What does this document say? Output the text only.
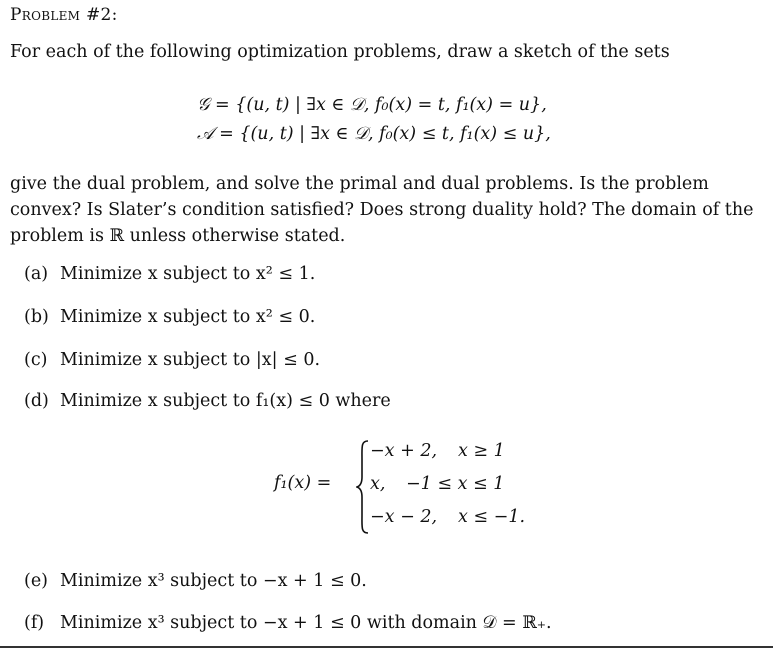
Problem #2:
For each of the following optimization problems, draw a sketch of the sets
𝒢 = {(u, t) | ∃x ∈ 𝒟, f₀(x) = t, f₁(x) = u},
𝒜 = {(u, t) | ∃x ∈ 𝒟, f₀(x) ≤ t, f₁(x) ≤ u},
give the dual problem, and solve the primal and dual problems. Is the problem convex? Is Slater’s condition satisfied? Does strong duality hold? The domain of the problem is ℝ unless otherwise stated.
(a) Minimize x subject to x² ≤ 1.
(b) Minimize x subject to x² ≤ 0.
(c) Minimize x subject to |x| ≤ 0.
(d) Minimize x subject to f₁(x) ≤ 0 where
f₁(x) =
−x + 2, x ≥ 1
x, −1 ≤ x ≤ 1
−x − 2, x ≤ −1.
(e) Minimize x³ subject to −x + 1 ≤ 0.
(f) Minimize x³ subject to −x + 1 ≤ 0 with domain 𝒟 = ℝ₊.
